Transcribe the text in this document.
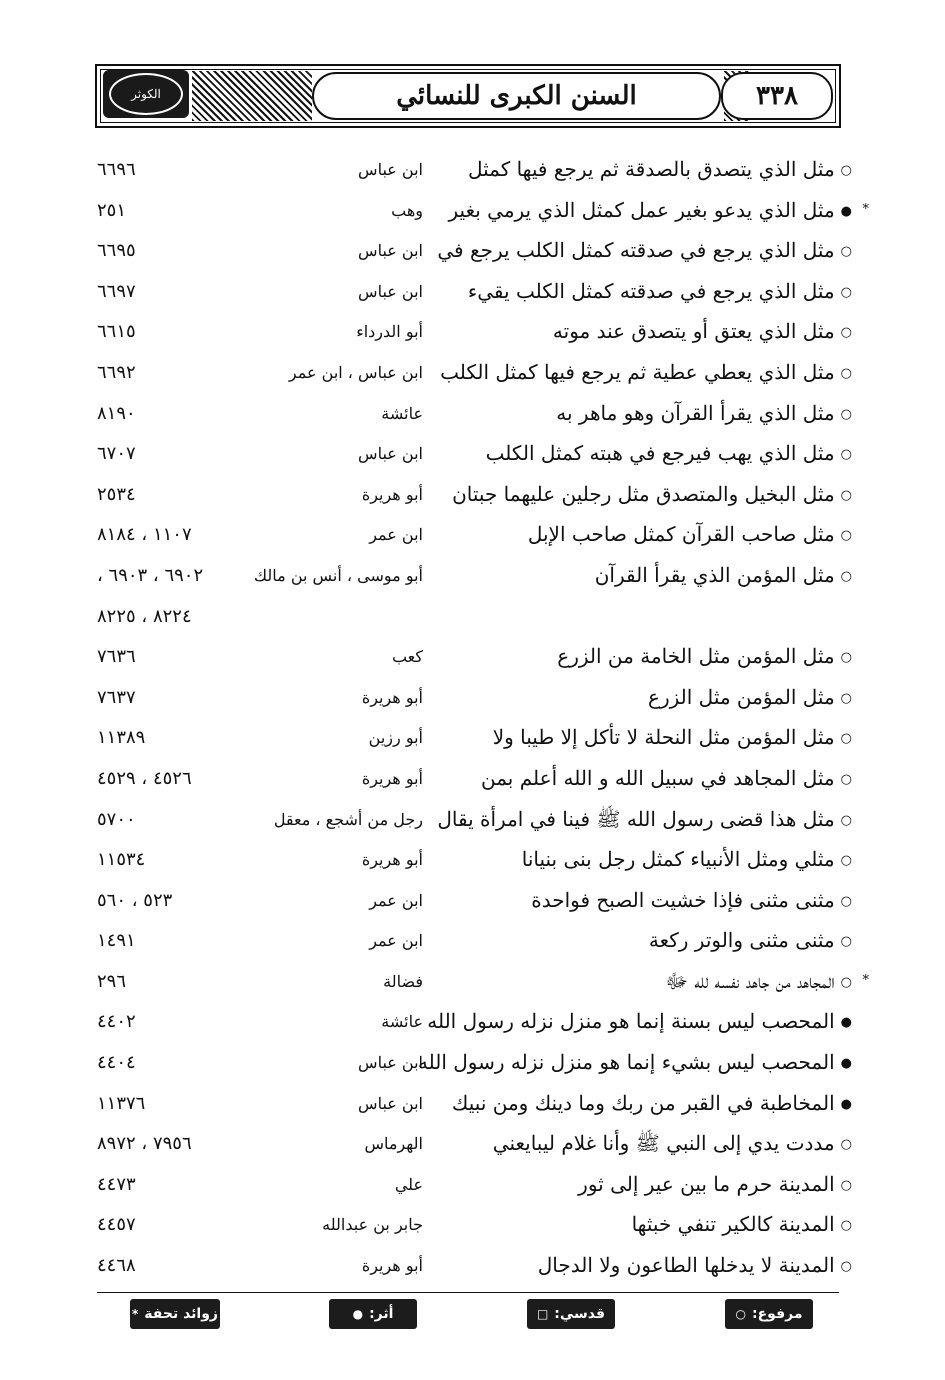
الكوثر	السنن الكبرى للنسائي	٣٣٨
○مثل الذي يتصدق بالصدقة ثم يرجع فيها كمثل
ابن عباس
٦٦٩٦
*
●مثل الذي يدعو بغير عمل كمثل الذي يرمي بغير
وهب
٢٥١
○مثل الذي يرجع في صدقته كمثل الكلب يرجع في
ابن عباس
٦٦٩٥
○مثل الذي يرجع في صدقته كمثل الكلب يقيء
ابن عباس
٦٦٩٧
○مثل الذي يعتق أو يتصدق عند موته
أبو الدرداء
٦٦١٥
○مثل الذي يعطي عطية ثم يرجع فيها كمثل الكلب
ابن عباس ، ابن عمر
٦٦٩٢
○مثل الذي يقرأ القرآن وهو ماهر به
عائشة
٨١٩٠
○مثل الذي يهب فيرجع في هبته كمثل الكلب
ابن عباس
٦٧٠٧
○مثل البخيل والمتصدق مثل رجلين عليهما جبتان
أبو هريرة
٢٥٣٤
○مثل صاحب القرآن كمثل صاحب الإبل
ابن عمر
١١٠٧ ، ٨١٨٤
○مثل المؤمن الذي يقرأ القرآن
أبو موسى ، أنس بن مالك
٦٩٠٢ ، ٦٩٠٣ ،
٨٢٢٤ ، ٨٢٢٥
○مثل المؤمن مثل الخامة من الزرع
كعب
٧٦٣٦
○مثل المؤمن مثل الزرع
أبو هريرة
٧٦٣٧
○مثل المؤمن مثل النحلة لا تأكل إلا طيبا ولا
أبو رزين
١١٣٨٩
○مثل المجاهد في سبيل الله و الله أعلم بمن
أبو هريرة
٤٥٢٦ ، ٤٥٢٩
○مثل هذا قضى رسول الله ﷺ فينا في امرأة يقال
رجل من أشجع ، معقل
٥٧٠٠
○مثلي ومثل الأنبياء كمثل رجل بنى بنيانا
أبو هريرة
١١٥٣٤
○مثنى مثنى فإذا خشيت الصبح فواحدة
ابن عمر
٥٢٣ ، ٥٦٠
○مثنى مثنى والوتر ركعة
ابن عمر
١٤٩١
*
○المجاهد من جاهد نفسه لله ﷻ
فضالة
٢٩٦
●المحصب ليس بسنة إنما هو منزل نزله رسول الله
عائشة
٤٤٠٢
●المحصب ليس بشيء إنما هو منزل نزله رسول الله
ابن عباس
٤٤٠٤
●المخاطبة في القبر من ربك وما دينك ومن نبيك
ابن عباس
١١٣٧٦
○مددت يدي إلى النبي ﷺ وأنا غلام ليبايعني
الهرماس
٧٩٥٦ ، ٨٩٧٢
○المدينة حرم ما بين عير إلى ثور
علي
٤٤٧٣
○المدينة كالكير تنفي خبثها
جابر بن عبدالله
٤٤٥٧
○المدينة لا يدخلها الطاعون ولا الدجال
أبو هريرة
٤٤٦٨
مرفوع:
○
قدسي:
□
أثر:
●
زوائد تحفة
*
